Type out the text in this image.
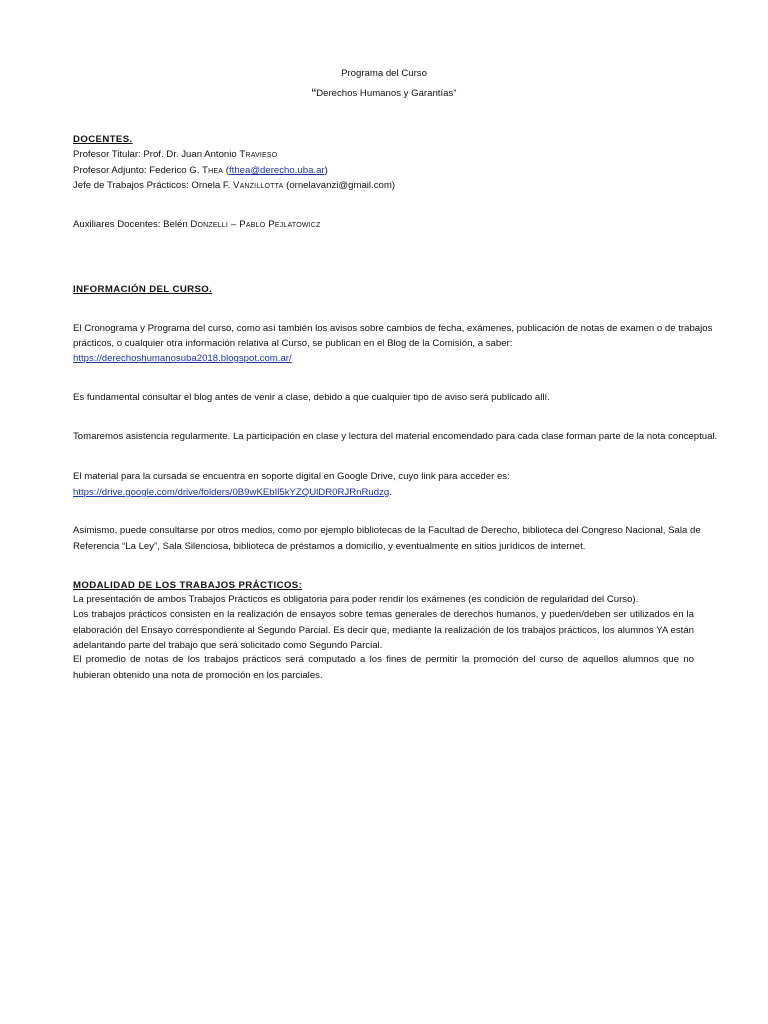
Programa del Curso
“Derechos Humanos y Garantías”
DOCENTES.
Profesor Titular: Prof. Dr. Juan Antonio Travieso
Profesor Adjunto: Federico G. Thea (fthea@derecho.uba.ar)
Jefe de Trabajos Prácticos: Ornela F. Vanzillotta (ornelavanzi@gmail.com)
Auxiliares Docentes: Belén Donzelli – Pablo Pejlatowicz
INFORMACIÓN DEL CURSO.
El Cronograma y Programa del curso, como así también los avisos sobre cambios de fecha, exámenes, publicación de notas de examen o de trabajos
prácticos, o cualquier otra información relativa al Curso, se publican en el Blog de la Comisión, a saber:
https://derechoshumanosuba2018.blogspot.com.ar/
Es fundamental consultar el blog antes de venir a clase, debido a que cualquier tipo de aviso será publicado allí.
Tomaremos asistencia regularmente. La participación en clase y lectura del material encomendado para cada clase forman parte de la nota conceptual.
El material para la cursada se encuentra en soporte digital en Google Drive, cuyo link para acceder es:
https://drive.google.com/drive/folders/0B9wKEbIl5kYZQUlDR0RJRnRudzg.
Asimismo, puede consultarse por otros medios, como por ejemplo bibliotecas de la Facultad de Derecho, biblioteca del Congreso Nacional, Sala de
Referencia “La Ley”, Sala Silenciosa, biblioteca de préstamos a domicilio, y eventualmente en sitios jurídicos de internet.
MODALIDAD DE LOS TRABAJOS PRÁCTICOS:
La presentación de ambos Trabajos Prácticos es obligatoria para poder rendir los exámenes (es condición de regularidad del Curso).
Los trabajos prácticos consisten en la realización de ensayos sobre temas generales de derechos humanos, y pueden/deben ser utilizados en la elaboración del Ensayo correspondiente al Segundo Parcial. Es decir que, mediante la realización de los trabajos prácticos, los alumnos YA están adelantando parte del trabajo que será solicitado como Segundo Parcial.
El promedio de notas de los trabajos prácticos será computado a los fines de permitir la promoción del curso de aquellos alumnos que no hubieran obtenido una nota de promoción en los parciales.
